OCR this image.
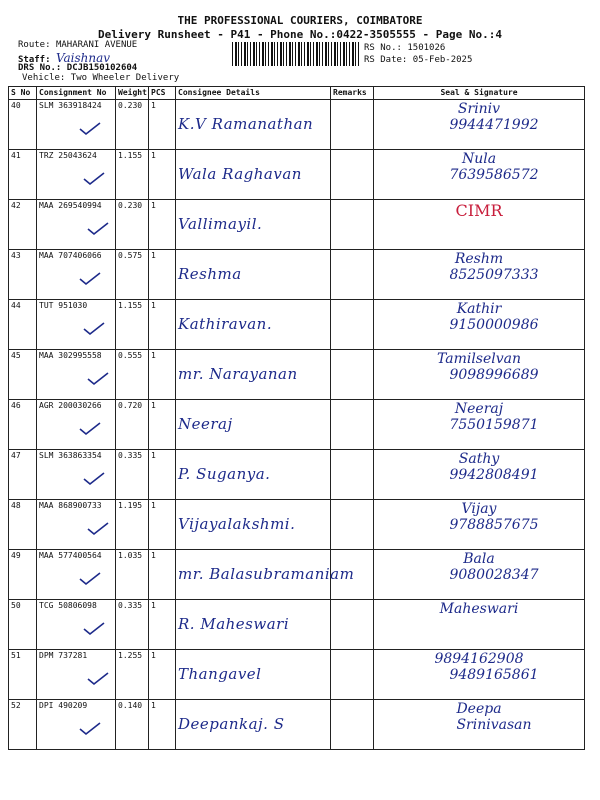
THE PROFESSIONAL COURIERS, COIMBATORE
Delivery Runsheet - P41 - Phone No.:0422-3505555 - Page No.:4
Route: MAHARANI AVENUE
Staff: Vaishnav
DRS No.: DCJB150102604
Vehicle: Two Wheeler Delivery
RS No.: 1501026
RS Date: 05-Feb-2025
S No	Consignment No	Weight	PCS	Consignee Details	Remarks	Seal & Signature
40	SLM 363918424	0.230	1	K.V Ramanathan		Sriniv
9944471992

41	TRZ 25043624	1.155	1	Wala Raghavan		Nula
7639586572

42	MAA 269540994	0.230	1	Vallimayil.		CIMR

43	MAA 707406066	0.575	1	Reshma		Reshm
8525097333

44	TUT 951030	1.155	1	Kathiravan.		Kathir
9150000986

45	MAA 302995558	0.555	1	mr. Narayanan		Tamilselvan
9098996689

46	AGR 200030266	0.720	1	Neeraj		Neeraj
7550159871

47	SLM 363863354	0.335	1	P. Suganya.		Sathy
9942808491

48	MAA 868900733	1.195	1	Vijayalakshmi.		Vijay
9788857675

49	MAA 577400564	1.035	1	mr. Balasubramaniam		Bala
9080028347

50	TCG 50806098	0.335	1	R. Maheswari		Maheswari

51	DPM 737281	1.255	1	Thangavel		9894162908
9489165861

52	DPI 490209	0.140	1	Deepankaj. S		Deepa
Srinivasan
